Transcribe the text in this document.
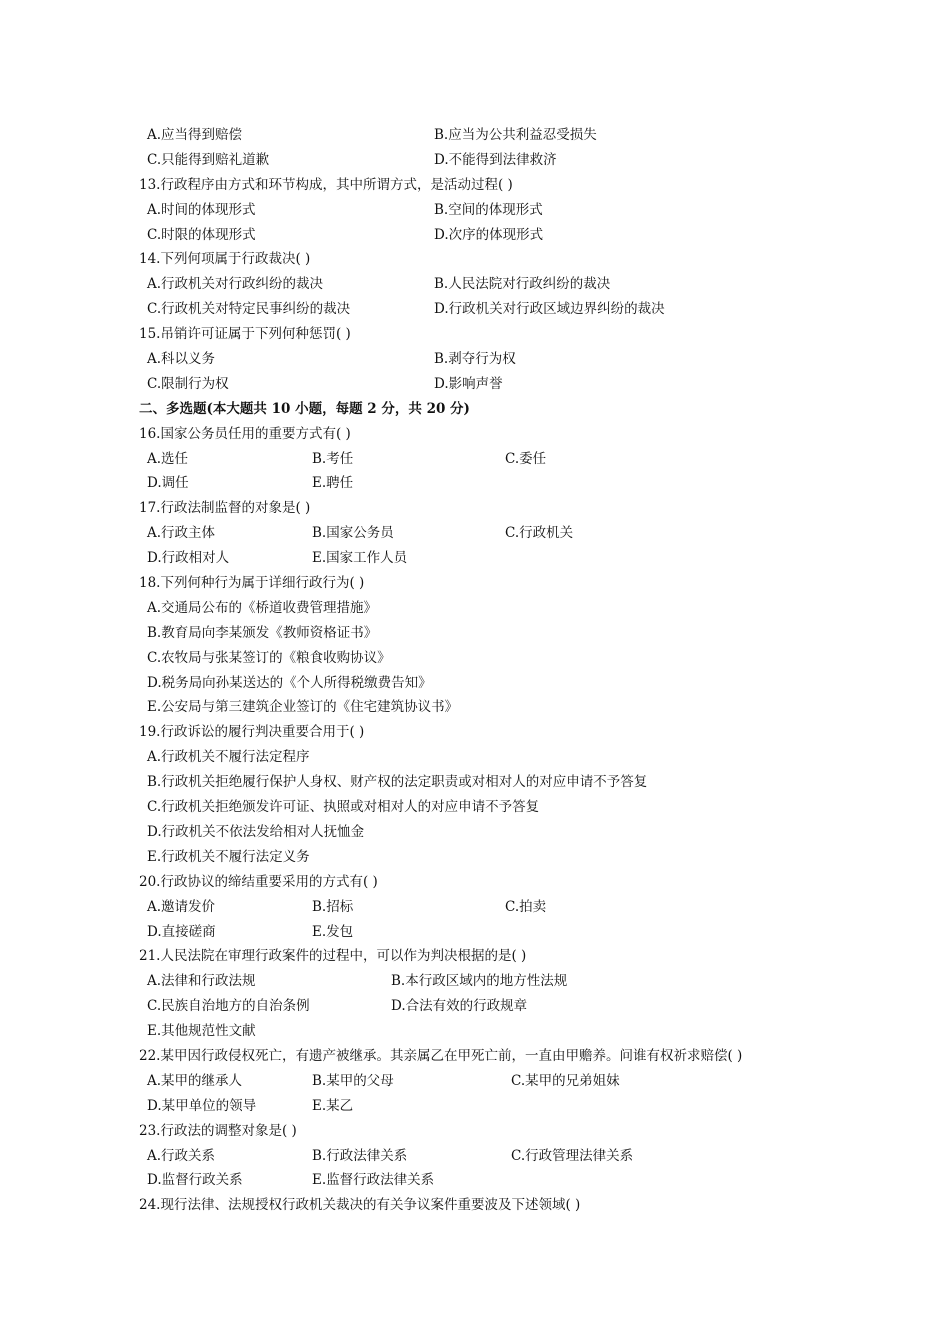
A.应当得到赔偿	B.应当为公共利益忍受损失
C.只能得到赔礼道歉	D.不能得到法律救济
13.行政程序由方式和环节构成，其中所谓方式，是活动过程( )
A.时间的体现形式	B.空间的体现形式
C.时限的体现形式	D.次序的体现形式
14.下列何项属于行政裁决( )
A.行政机关对行政纠纷的裁决	B.人民法院对行政纠纷的裁决
C.行政机关对特定民事纠纷的裁决	D.行政机关对行政区域边界纠纷的裁决
15.吊销许可证属于下列何种惩罚( )
A.科以义务	B.剥夺行为权
C.限制行为权	D.影响声誉
二、多选题(本大题共 10 小题，每题 2 分，共 20 分)
16.国家公务员任用的重要方式有( )
A.选任	B.考任	C.委任
D.调任	E.聘任
17.行政法制监督的对象是( )
A.行政主体	B.国家公务员	C.行政机关
D.行政相对人	E.国家工作人员
18.下列何种行为属于详细行政行为( )
A.交通局公布的《桥道收费管理措施》
B.教育局向李某颁发《教师资格证书》
C.农牧局与张某签订的《粮食收购协议》
D.税务局向孙某送达的《个人所得税缴费告知》
E.公安局与第三建筑企业签订的《住宅建筑协议书》
19.行政诉讼的履行判决重要合用于( )
A.行政机关不履行法定程序
B.行政机关拒绝履行保护人身权、财产权的法定职责或对相对人的对应申请不予答复
C.行政机关拒绝颁发许可证、执照或对相对人的对应申请不予答复
D.行政机关不依法发给相对人抚恤金
E.行政机关不履行法定义务
20.行政协议的缔结重要采用的方式有( )
A.邀请发价	B.招标	C.拍卖
D.直接磋商	E.发包
21.人民法院在审理行政案件的过程中，可以作为判决根据的是( )
A.法律和行政法规	B.本行政区域内的地方性法规
C.民族自治地方的自治条例	D.合法有效的行政规章
E.其他规范性文献
22.某甲因行政侵权死亡，有遗产被继承。其亲属乙在甲死亡前，一直由甲赡养。问谁有权祈求赔偿( )
A.某甲的继承人	B.某甲的父母	C.某甲的兄弟姐妹
D.某甲单位的领导	E.某乙
23.行政法的调整对象是( )
A.行政关系	B.行政法律关系	C.行政管理法律关系
D.监督行政关系	E.监督行政法律关系
24.现行法律、法规授权行政机关裁决的有关争议案件重要波及下述领域( )
